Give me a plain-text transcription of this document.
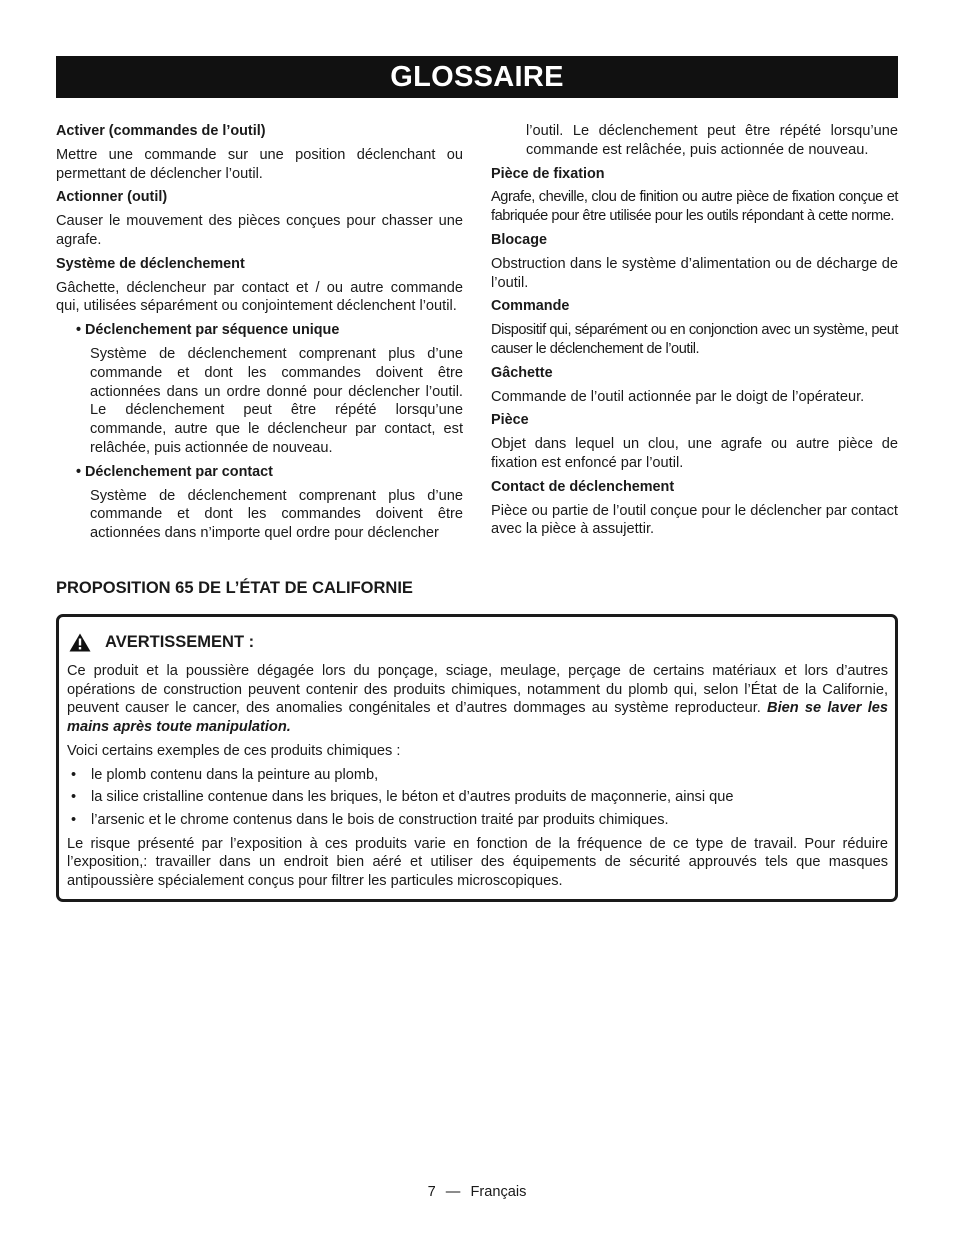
GLOSSAIRE

Activer (commandes de l’outil)

Mettre une commande sur une position déclenchant ou permettant de déclencher l’outil.

Actionner (outil)

Causer le mouvement des pièces conçues pour chasser une agrafe.

Système de déclenchement

Gâchette, déclencheur par contact et / ou autre commande qui, utilisées séparément ou conjointement déclenchent l’outil.

• Déclenchement par séquence unique

Système de déclenchement comprenant plus d’une commande et dont les commandes doivent être actionnées dans un ordre donné pour déclencher l’outil. Le déclenchement peut être répété lorsqu’une commande, autre que le déclencheur par contact, est relâchée, puis actionnée de nouveau.

• Déclenchement par contact

Système de déclenchement comprenant plus d’une commande et dont les commandes doivent être actionnées dans n’importe quel ordre pour déclencher

l’outil. Le déclenchement peut être répété lorsqu’une commande est relâchée, puis actionnée de nouveau.

Pièce de fixation

Agrafe, cheville, clou de finition ou autre pièce de fixation conçue et fabriquée pour être utilisée pour les outils répondant à cette norme.

Blocage

Obstruction dans le système d’alimentation ou de décharge de l’outil.

Commande

Dispositif qui, séparément ou en conjonction avec un système, peut causer le déclenchement de l’outil.

Gâchette

Commande de l’outil actionnée par le doigt de l’opérateur.

Pièce

Objet dans lequel un clou, une agrafe ou autre pièce de fixation est enfoncé par l’outil.

Contact de déclenchement

Pièce ou partie de l’outil conçue pour le déclencher par contact avec la pièce à assujettir.

PROPOSITION 65 DE L’ÉTAT DE CALIFORNIE
AVERTISSEMENT :

Ce produit et la poussière dégagée lors du ponçage, sciage, meulage, perçage de certains matériaux et lors d’autres opérations de construction peuvent contenir des produits chimiques, notamment du plomb qui, selon l’État de la Californie, peuvent causer le cancer, des anomalies congénitales et d’autres dommages au système reproducteur. Bien se laver les mains après toute manipulation.

Voici certains exemples de ces produits chimiques :

• le plomb contenu dans la peinture au plomb,
• la silice cristalline contenue dans les briques, le béton et d’autres produits de maçonnerie, ainsi que
• l’arsenic et le chrome contenus dans le bois de construction traité par produits chimiques.

Le risque présenté par l’exposition à ces produits varie en fonction de la fréquence de ce type de travail. Pour réduire l’exposition,: travailler dans un endroit bien aéré et utiliser des équipements de sécurité approuvés tels que masques antipoussière spécialement conçus pour filtrer les particules microscopiques.

7 — Français
